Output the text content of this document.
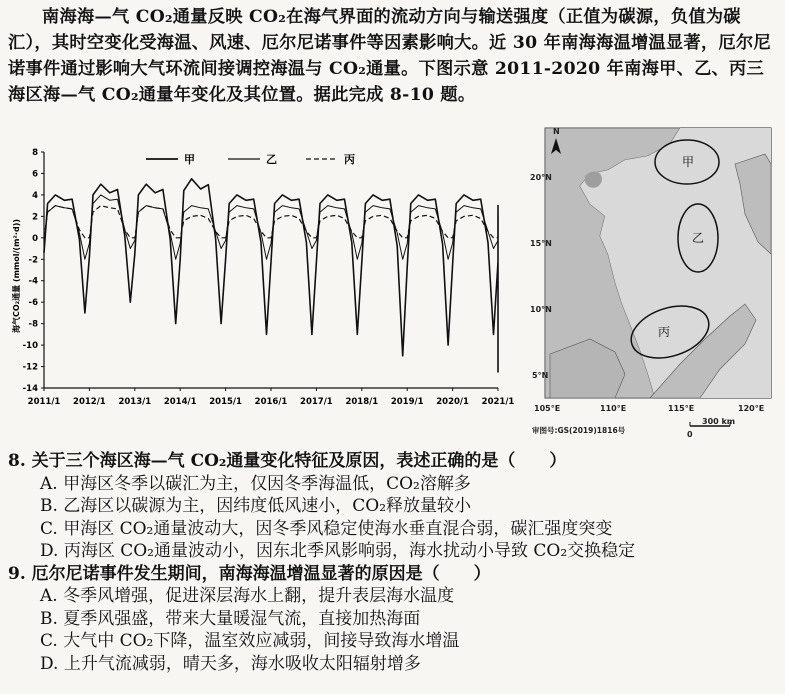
南海海—气 CO₂通量反映 CO₂在海气界面的流动方向与输送强度（正值为碳源，负值为碳汇），其时空变化受海温、风速、厄尔尼诺事件等因素影响大。近 30 年南海海温增温显著，厄尔尼诺事件通过影响大气环流间接调控海温与 CO₂通量。下图示意 2011-2020 年南海甲、乙、丙三海区海—气 CO₂通量年变化及其位置。据此完成 8-10 题。
甲	乙	丙
8
6
4
2
0
-2
-4
-6
-8
-10
-12
-14
2011/1 2012/1 2013/1 2014/1 2015/1 2016/1 2017/1 2018/1 2019/1 2020/1 2021/1
海气CO₂通量 (mmol/(m²·d))
甲
乙
丙
N
20°N
15°N
10°N
5°N
105°E	110°E	115°E	120°E
审图号:GS(2019)1816号	0
300 km
8. 关于三个海区海—气 CO₂通量变化特征及原因，表述正确的是（　　）
A. 甲海区冬季以碳汇为主，仅因冬季海温低，CO₂溶解多
B. 乙海区以碳源为主，因纬度低风速小，CO₂释放量较小
C. 甲海区 CO₂通量波动大，因冬季风稳定使海水垂直混合弱，碳汇强度突变
D. 丙海区 CO₂通量波动小，因东北季风影响弱，海水扰动小导致 CO₂交换稳定
9. 厄尔尼诺事件发生期间，南海海温增温显著的原因是（　　）
A. 冬季风增强，促进深层海水上翻，提升表层海水温度
B. 夏季风强盛，带来大量暖湿气流，直接加热海面
C. 大气中 CO₂下降，温室效应减弱，间接导致海水增温
D. 上升气流减弱，晴天多，海水吸收太阳辐射增多
